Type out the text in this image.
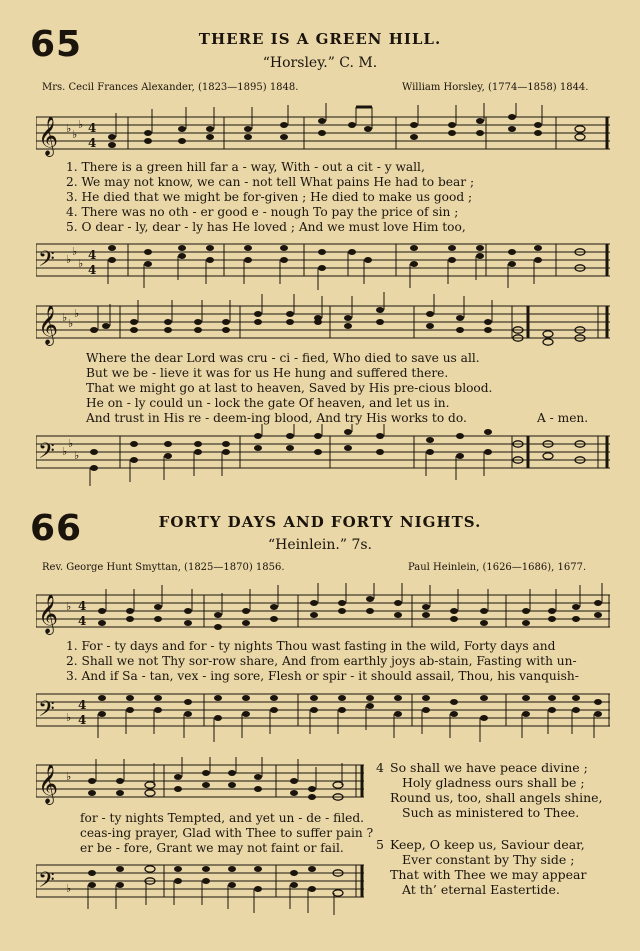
65	THERE IS A GREEN HILL.
“Horsley.” C. M.
Mrs. Cecil Frances Alexander, (1823—1895) 1848.	William Horsley, (1774—1858) 1844.
𝄞 ♭ ♭
♭ 4
4
1. There is a green hill far a - way, With - out a cit - y wall,
2. We may not know, we can - not tell What pains He had to bear ;
3. He died that we might be for-given ; He died to make us good ;
4. There was no oth - er good e - nough To pay the price of sin ;
5. O dear - ly, dear - ly has He loved ; And we must love Him too,
𝄢 ♭
♭
♭
4
4
𝄞 ♭ ♭
♭
Where the dear Lord was cru - ci - fied, Who died to save us all.
But we be - lieve it was for us He hung and suffered there.
That we might go at last to heaven, Saved by His pre-cious blood.
He on - ly could un - lock the gate Of heaven, and let us in.
And trust in His re - deem-ing blood, And try His works to do.	A - men.
𝄢 ♭
♭
♭
66	FORTY DAYS AND FORTY NIGHTS.
“Heinlein.” 7s.
Rev. George Hunt Smyttan, (1825—1870) 1856.	Paul Heinlein, (1626—1686), 1677.
𝄞 ♭ 4
4
1. For - ty days and for - ty nights Thou wast fasting in the wild, Forty days and
2. Shall we not Thy sor-row share, And from earthly joys ab-stain, Fasting with un-
3. And if Sa - tan, vex - ing sore, Flesh or spir - it should assail, Thou, his vanquish-
𝄢 ♭
4
4
𝄞 ♭
for - ty nights Tempted, and yet un - de - filed.
ceas-ing prayer, Glad with Thee to suffer pain ?
er be - fore, Grant we may not faint or fail.
𝄢 ♭
4 So shall we have peace divine ;
Holy gladness ours shall be ;
Round us, too, shall angels shine,
Such as ministered to Thee.
5 Keep, O keep us, Saviour dear,
Ever constant by Thy side ;
That with Thee we may appear
At th’ eternal Eastertide.
